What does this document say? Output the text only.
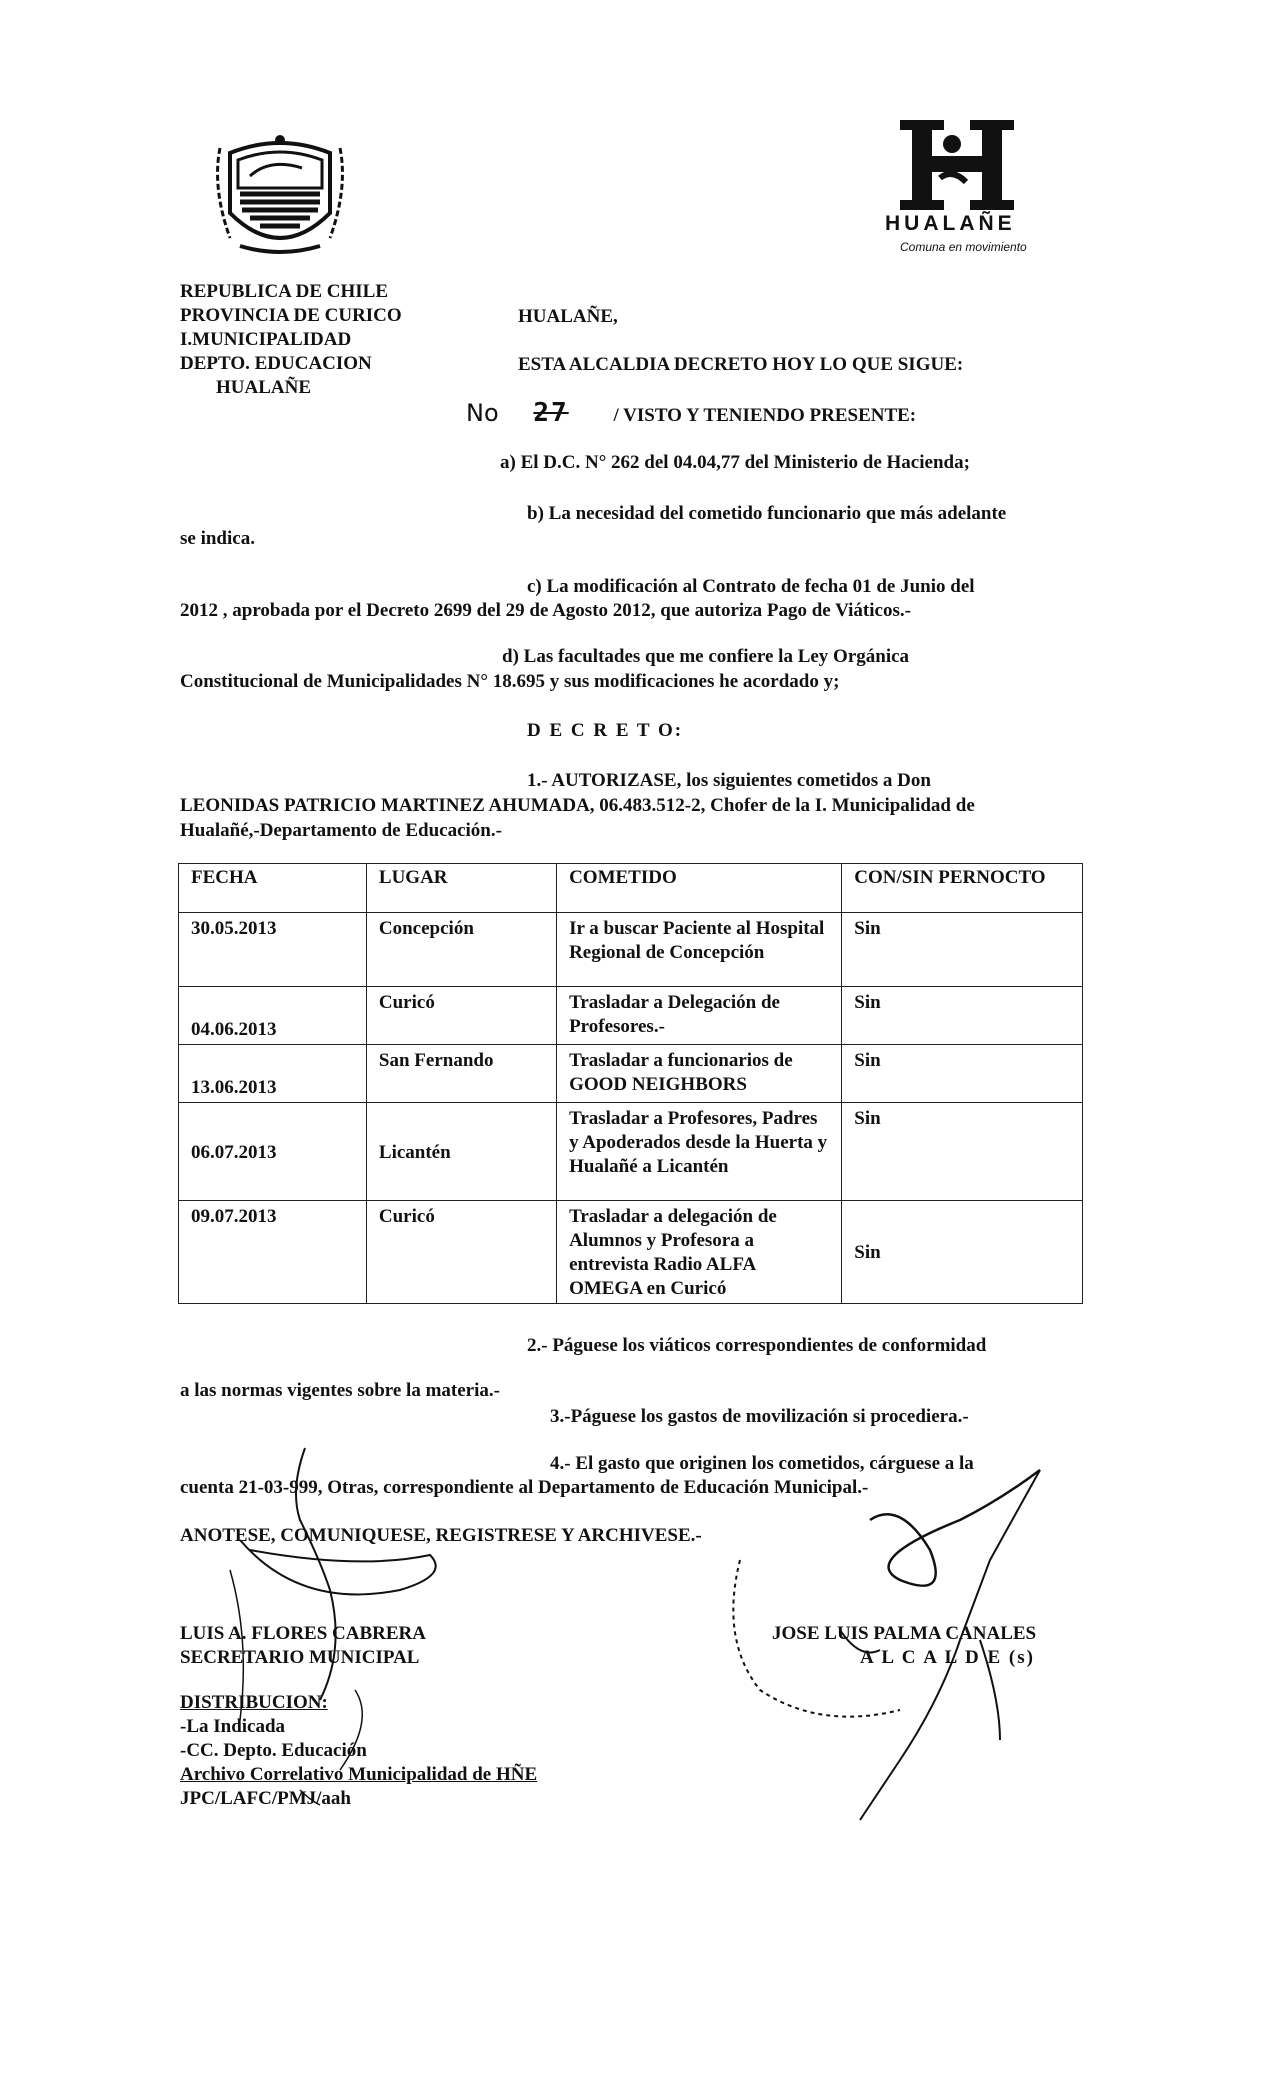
HUALAÑE
Comuna en movimiento
REPUBLICA DE CHILE
PROVINCIA DE CURICO
I.MUNICIPALIDAD
DEPTO. EDUCACION
HUALAÑE
HUALAÑE,
ESTA ALCALDIA DECRETO HOY LO QUE SIGUE:
No 27 / VISTO Y TENIENDO PRESENTE:
a) El D.C. N° 262 del 04.04,77 del Ministerio de Hacienda;
b) La necesidad del cometido funcionario que más adelante
se indica.
c) La modificación al Contrato de fecha 01 de Junio del
2012 , aprobada por el Decreto 2699 del 29 de Agosto 2012, que autoriza Pago de Viáticos.-
d) Las facultades que me confiere la Ley Orgánica
Constitucional de Municipalidades N° 18.695 y sus modificaciones he acordado y;
D E C R E T O:
1.- AUTORIZASE, los siguientes cometidos a Don
LEONIDAS PATRICIO MARTINEZ AHUMADA, 06.483.512-2, Chofer de la I. Municipalidad de
Hualañé,-Departamento de Educación.-
FECHA	LUGAR	COMETIDO	CON/SIN PERNOCTO
30.05.2013	Concepción	Ir a buscar Paciente al Hospital Regional de Concepción	Sin
04.06.2013	Curicó	Trasladar a Delegación de Profesores.-	Sin
13.06.2013	San Fernando	Trasladar a funcionarios de GOOD NEIGHBORS	Sin
06.07.2013	Licantén	Trasladar a Profesores, Padres y Apoderados desde la Huerta y Hualañé a Licantén	Sin
09.07.2013	Curicó	Trasladar a delegación de Alumnos y Profesora a entrevista Radio ALFA OMEGA en Curicó	Sin
2.- Páguese los viáticos correspondientes de conformidad
a las normas vigentes sobre la materia.-
3.-Páguese los gastos de movilización si procediera.-
4.- El gasto que originen los cometidos, cárguese a la
cuenta 21-03-999, Otras, correspondiente al Departamento de Educación Municipal.-
ANOTESE, COMUNIQUESE, REGISTRESE Y ARCHIVESE.-
LUIS A. FLORES CABRERA
SECRETARIO MUNICIPAL
JOSE LUIS PALMA CANALES
A L C A L D E (s)
DISTRIBUCION:
-La Indicada
-CC. Depto. Educación
Archivo Correlativo Municipalidad de HÑE
JPC/LAFC/PMJ/aah
